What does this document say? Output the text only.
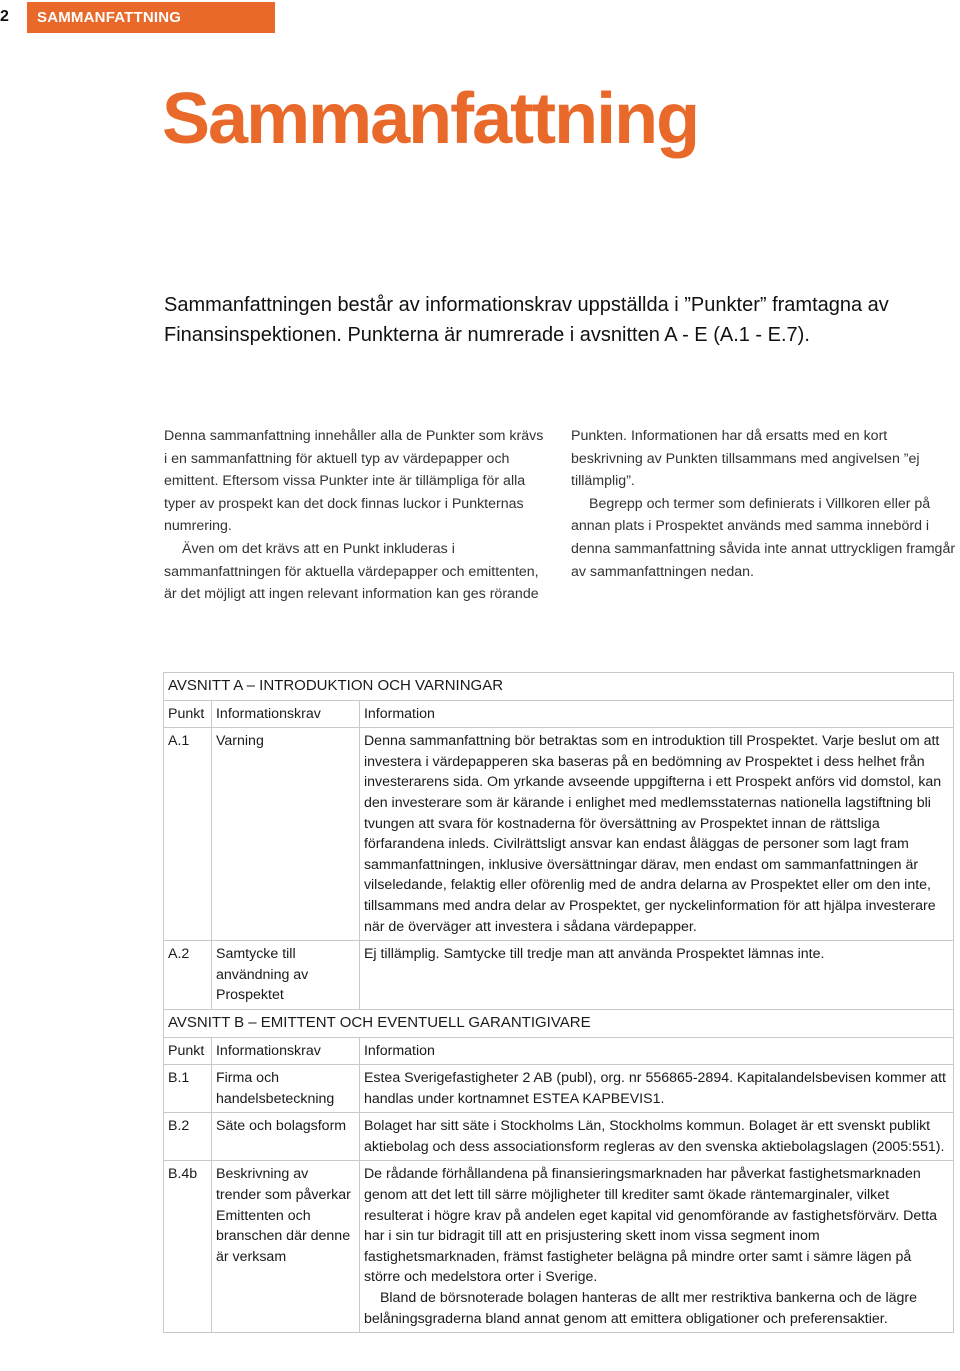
2	SAMMANFATTNING
Sammanfattning

Sammanfattningen består av informationskrav uppställda i ”Punkter” framtagna av Finansinspektionen. Punkterna är numrerade i avsnitten A - E (A.1 - E.7).

Denna sammanfattning innehåller alla de Punkter som krävs i en sammanfattning för aktuell typ av värdepapper och emittent. Eftersom vissa Punkter inte är tillämpliga för alla typer av prospekt kan det dock finnas luckor i Punkternas numrering.

Även om det krävs att en Punkt inkluderas i sammanfattningen för aktuella värdepapper och emittenten, är det möjligt att ingen relevant information kan ges rörande

Punkten. Informationen har då ersatts med en kort beskrivning av Punkten tillsammans med angivelsen ”ej tillämplig”.

Begrepp och termer som definierats i Villkoren eller på annan plats i Prospektet används med samma innebörd i denna sammanfattning såvida inte annat uttryckligen framgår av sammanfattningen nedan.

AVSNITT A – INTRODUKTION OCH VARNINGAR		
Punkt	Informationskrav	Information
A.1	Varning	Denna sammanfattning bör betraktas som en introduktion till Prospektet. Varje beslut om att investera i värdepapperen ska baseras på en bedömning av Prospektet i dess helhet från investerarens sida. Om yrkande avseende uppgifterna i ett Prospekt anförs vid domstol, kan den investerare som är kärande i enlighet med medlemsstaternas nationella lagstiftning bli tvungen att svara för kostnaderna för översättning av Prospektet innan de rättsliga förfarandena inleds. Civilrättsligt ansvar kan endast åläggas de personer som lagt fram sammanfattningen, inklusive översättningar därav, men endast om sammanfattningen är vilseledande, felaktig eller oförenlig med de andra delarna av Prospektet eller om den inte, tillsammans med andra delar av Prospektet, ger nyckelinformation för att hjälpa investerare när de överväger att investera i sådana värdepapper.

A.2	Samtycke till användning av Prospektet	Ej tillämplig. Samtycke till tredje man att använda Prospektet lämnas inte.

AVSNITT B – EMITTENT OCH EVENTUELL GARANTIGIVARE		
Punkt	Informationskrav	Information
B.1	Firma och handelsbeteckning	Estea Sverigefastigheter 2 AB (publ), org. nr 556865-2894. Kapitalandelsbevisen kommer att handlas under kortnamnet ESTEA KAPBEVIS1.

B.2	Säte och bolagsform	Bolaget har sitt säte i Stockholms Län, Stockholms kommun. Bolaget är ett svenskt publikt aktiebolag och dess associationsform regleras av den svenska aktiebolagslagen (2005:551).

B.4b	Beskrivning av trender som påverkar Emittenten och branschen där denne är verksam	De rådande förhållandena på finansieringsmarknaden har påverkat fastighetsmarknaden genom att det lett till särre möjligheter till krediter samt ökade räntemarginaler, vilket resulterat i högre krav på andelen eget kapital vid genomförande av fastighetsförvärv. Detta har i sin tur bidragit till att en prisjustering skett inom vissa segment inom fastighetsmarknaden, främst fastigheter belägna på mindre orter samt i sämre lägen på större och medelstora orter i Sverige.

Bland de börsnoterade bolagen hanteras de allt mer restriktiva bankerna och de lägre belåningsgraderna bland annat genom att emittera obligationer och preferensaktier.
